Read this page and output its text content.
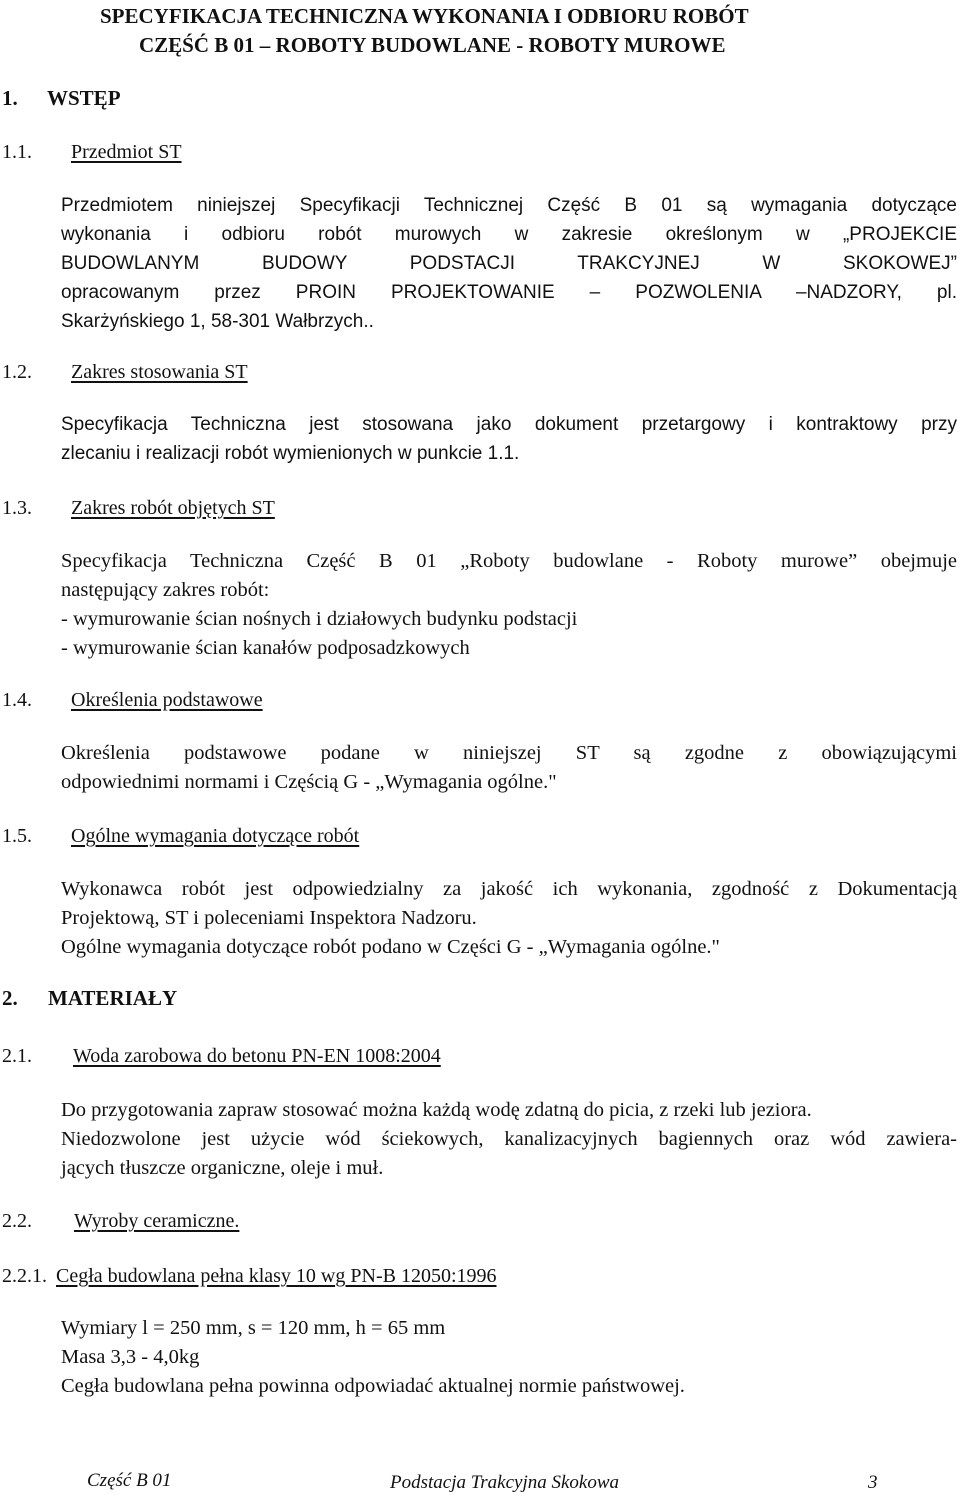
SPECYFIKACJA TECHNICZNA WYKONANIA I ODBIORU ROBÓT
CZĘŚĆ B 01 – ROBOTY BUDOWLANE - ROBOTY MUROWE
1. WSTĘP
1.1. Przedmiot ST
Przedmiotem niniejszej Specyfikacji Technicznej Część B 01 są wymagania dotyczące
wykonania i odbioru robót murowych w zakresie określonym w „PROJEKCIE
BUDOWLANYM BUDOWY PODSTACJI TRAKCYJNEJ W SKOKOWEJ”
opracowanym przez PROIN PROJEKTOWANIE – POZWOLENIA –NADZORY, pl.
Skarżyńskiego 1, 58-301 Wałbrzych..
1.2. Zakres stosowania ST
Specyfikacja Techniczna jest stosowana jako dokument przetargowy i kontraktowy przy
zlecaniu i realizacji robót wymienionych w punkcie 1.1.
1.3. Zakres robót objętych ST
Specyfikacja Techniczna Część B 01 „Roboty budowlane - Roboty murowe” obejmuje
następujący zakres robót:
- wymurowanie ścian nośnych i działowych budynku podstacji
- wymurowanie ścian kanałów podposadzkowych
1.4. Określenia podstawowe
Określenia podstawowe podane w niniejszej ST są zgodne z obowiązującymi
odpowiednimi normami i Częścią G - „Wymagania ogólne."
1.5. Ogólne wymagania dotyczące robót
Wykonawca robót jest odpowiedzialny za jakość ich wykonania, zgodność z Dokumentacją
Projektową, ST i poleceniami Inspektora Nadzoru.
Ogólne wymagania dotyczące robót podano w Części G - „Wymagania ogólne."
2. MATERIAŁY
2.1. Woda zarobowa do betonu PN-EN 1008:2004
Do przygotowania zapraw stosować można każdą wodę zdatną do picia, z rzeki lub jeziora.
Niedozwolone jest użycie wód ściekowych, kanalizacyjnych bagiennych oraz wód zawiera-
jących tłuszcze organiczne, oleje i muł.
2.2. Wyroby ceramiczne.
2.2.1. Cegła budowlana pełna klasy 10 wg PN-B 12050:1996
Wymiary l = 250 mm, s = 120 mm, h = 65 mm
Masa 3,3 - 4,0kg
Cegła budowlana pełna powinna odpowiadać aktualnej normie państwowej.
Część B 01	Podstacja Trakcyjna Skokowa	3
